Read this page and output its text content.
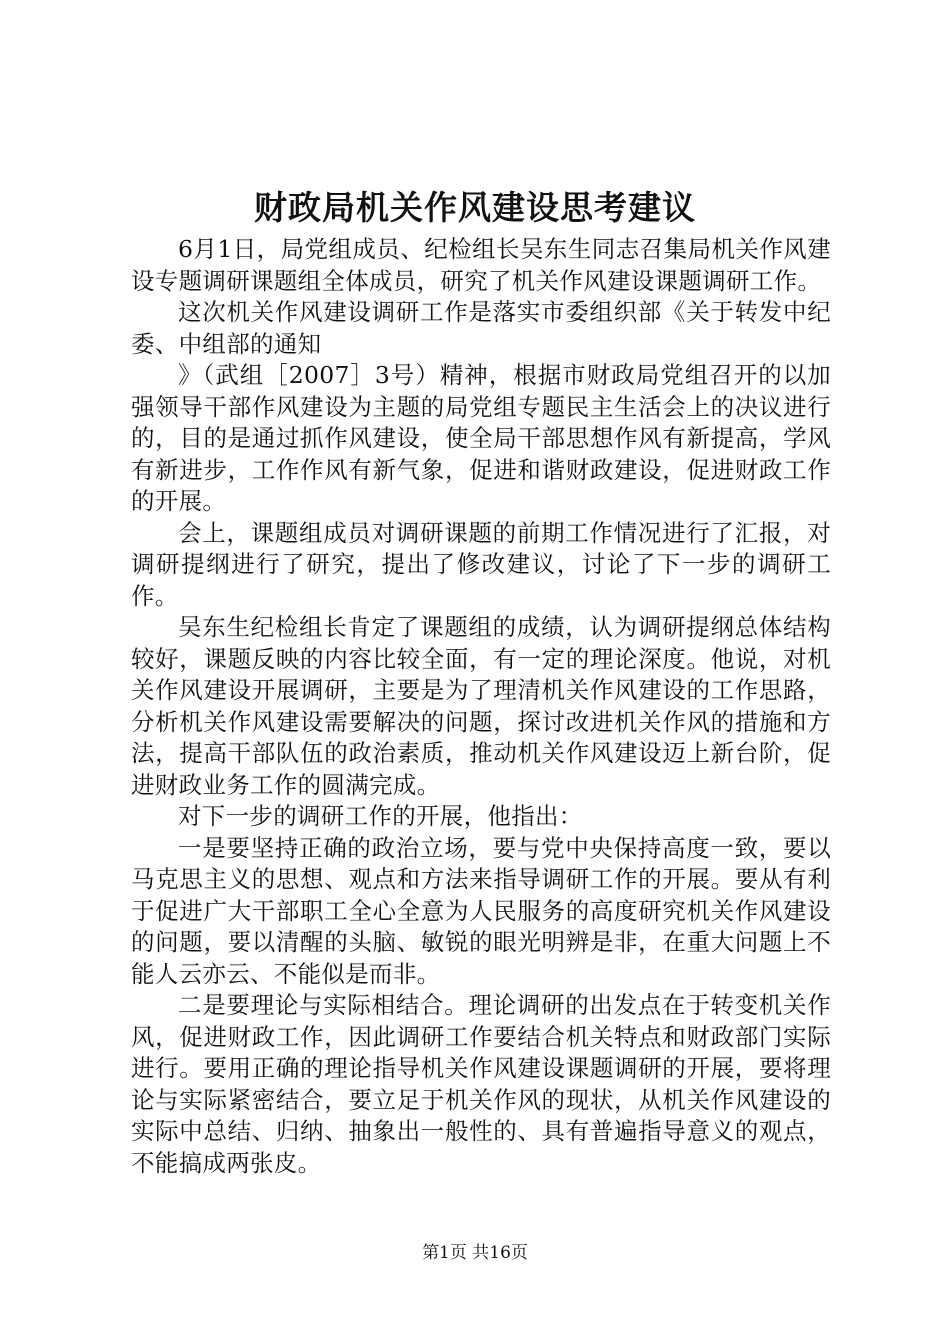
财政局机关作风建设思考建议

6月1日，局党组成员、纪检组长吴东生同志召集局机关作风建设专题调研课题组全体成员，研究了机关作风建设课题调研工作。

这次机关作风建设调研工作是落实市委组织部《关于转发中纪委、中组部的通知

》（武组［2007］3号）精神，根据市财政局党组召开的以加强领导干部作风建设为主题的局党组专题民主生活会上的决议进行的，目的是通过抓作风建设，使全局干部思想作风有新提高，学风有新进步，工作作风有新气象，促进和谐财政建设，促进财政工作的开展。

会上，课题组成员对调研课题的前期工作情况进行了汇报，对调研提纲进行了研究，提出了修改建议，讨论了下一步的调研工作。

吴东生纪检组长肯定了课题组的成绩，认为调研提纲总体结构较好，课题反映的内容比较全面，有一定的理论深度。他说，对机关作风建设开展调研，主要是为了理清机关作风建设的工作思路，分析机关作风建设需要解决的问题，探讨改进机关作风的措施和方法，提高干部队伍的政治素质，推动机关作风建设迈上新台阶，促进财政业务工作的圆满完成。

对下一步的调研工作的开展，他指出：

一是要坚持正确的政治立场，要与党中央保持高度一致，要以马克思主义的思想、观点和方法来指导调研工作的开展。要从有利于促进广大干部职工全心全意为人民服务的高度研究机关作风建设的问题，要以清醒的头脑、敏锐的眼光明辨是非，在重大问题上不能人云亦云、不能似是而非。

二是要理论与实际相结合。理论调研的出发点在于转变机关作风，促进财政工作，因此调研工作要结合机关特点和财政部门实际进行。要用正确的理论指导机关作风建设课题调研的开展，要将理论与实际紧密结合，要立足于机关作风的现状，从机关作风建设的实际中总结、归纳、抽象出一般性的、具有普遍指导意义的观点，不能搞成两张皮。

第1页 共16页
